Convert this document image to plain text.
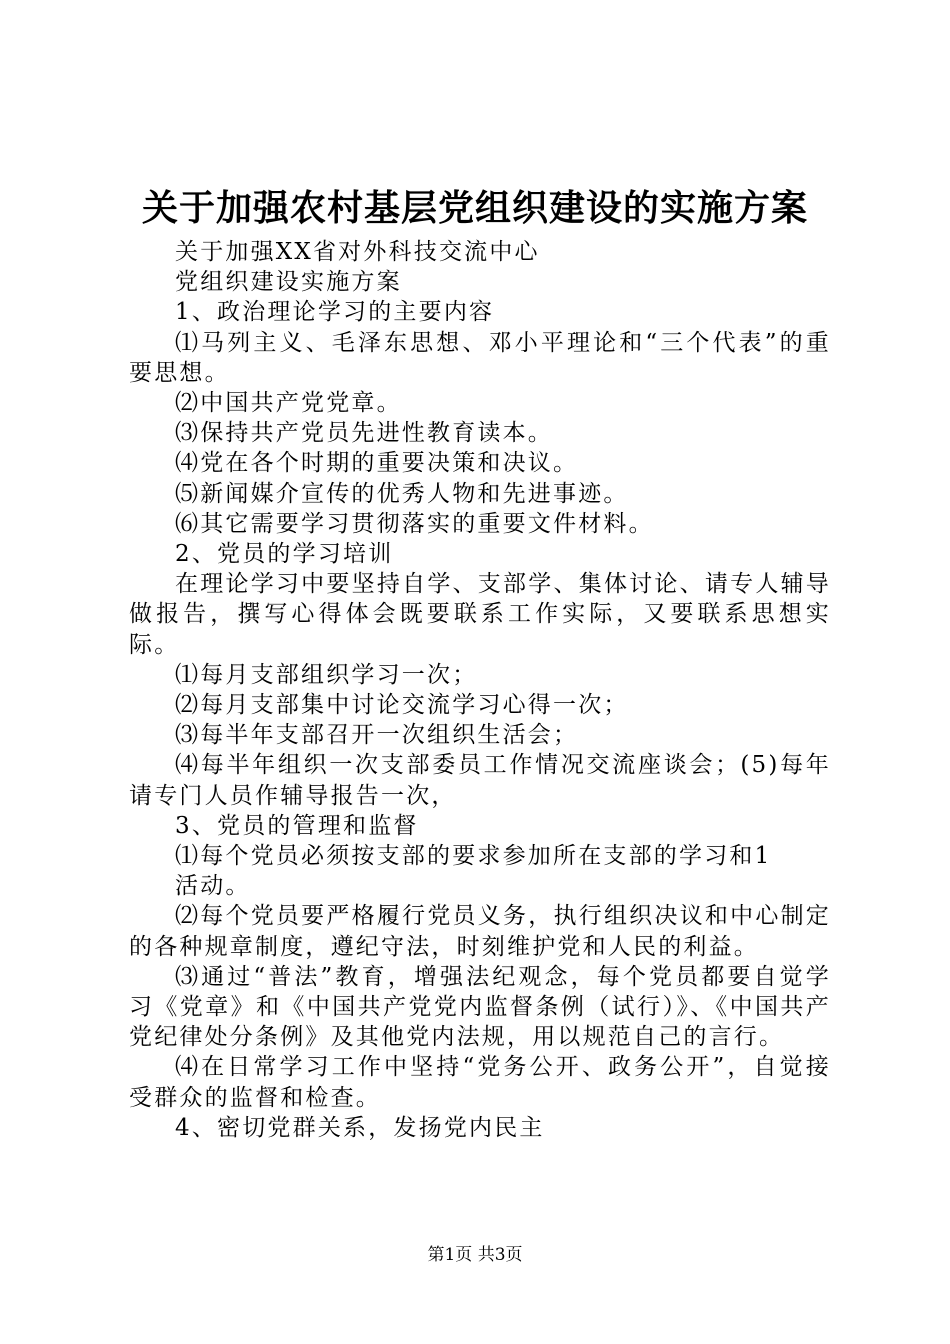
关于加强农村基层党组织建设的实施方案

关于加强XX省对外科技交流中心

党组织建设实施方案

1、政治理论学习的主要内容

⑴马列主义、毛泽东思想、邓小平理论和“三个代表”的重要思想。

⑵中国共产党党章。

⑶保持共产党员先进性教育读本。

⑷党在各个时期的重要决策和决议。

⑸新闻媒介宣传的优秀人物和先进事迹。

⑹其它需要学习贯彻落实的重要文件材料。

2、党员的学习培训

在理论学习中要坚持自学、支部学、集体讨论、请专人辅导做报告，撰写心得体会既要联系工作实际，又要联系思想实际。

⑴每月支部组织学习一次；

⑵每月支部集中讨论交流学习心得一次；

⑶每半年支部召开一次组织生活会；

⑷每半年组织一次支部委员工作情况交流座谈会；(5)每年请专门人员作辅导报告一次，

3、党员的管理和监督

⑴每个党员必须按支部的要求参加所在支部的学习和1

活动。

⑵每个党员要严格履行党员义务，执行组织决议和中心制定的各种规章制度，遵纪守法，时刻维护党和人民的利益。

⑶通过“普法”教育，增强法纪观念，每个党员都要自觉学习《党章》和《中国共产党党内监督条例（试行）》、《中国共产党纪律处分条例》及其他党内法规，用以规范自己的言行。

⑷在日常学习工作中坚持“党务公开、政务公开”，自觉接受群众的监督和检查。

4、密切党群关系，发扬党内民主

第1页 共3页
